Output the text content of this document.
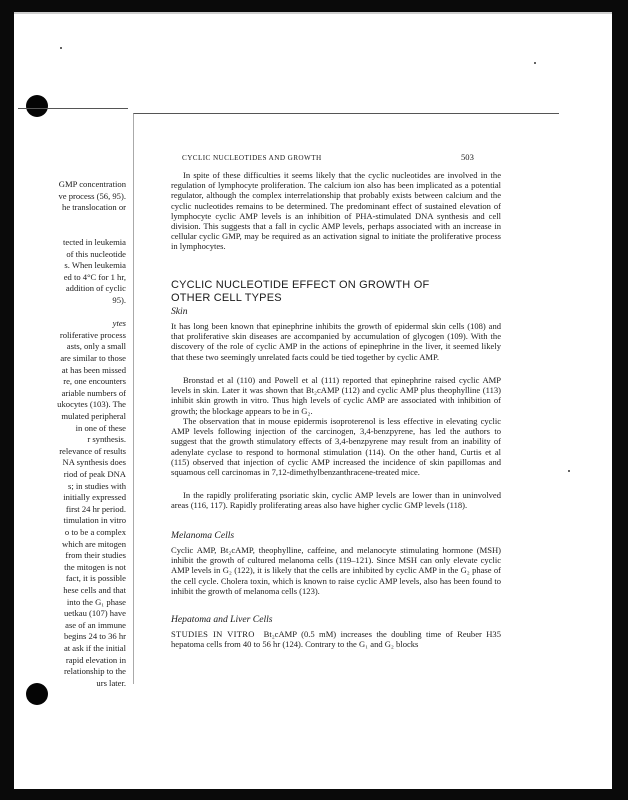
GMP concentration
ve process (56, 95).
he translocation or
tected in leukemia
of this nucleotide
s. When leukemia
ed to 4°C for 1 hr,
addition of cyclic
95).
ytes
roliferative process
asts, only a small
are similar to those
at has been missed
re, one encounters
ariable numbers of
ukocytes (103). The
mulated peripheral
in one of these
r synthesis.
relevance of results
NA synthesis does
riod of peak DNA
s; in studies with
initially expressed
first 24 hr period.
timulation in vitro
o to be a complex
which are mitogen
from their studies
the mitogen is not
fact, it is possible
hese cells and that
into the G₁ phase
uetkau (107) have
ase of an immune
begins 24 to 36 hr
at ask if the initial
rapid elevation in
relationship to the
urs later.
CYCLIC NUCLEOTIDES AND GROWTH	503

In spite of these difficulties it seems likely that the cyclic nucleotides are involved in the regulation of lymphocyte proliferation. The calcium ion also has been implicated as a potential regulator, although the complex interrelationship that probably exists between calcium and the cyclic nucleotides remains to be determined. The predominant effect of sustained elevation of lymphocyte cyclic AMP levels is an inhibition of PHA-stimulated DNA synthesis and cell division. This suggests that a fall in cyclic AMP levels, perhaps associated with an increase in cellular cyclic GMP, may be required as an activation signal to initiate the proliferative process in lymphocytes.

CYCLIC NUCLEOTIDE EFFECT ON GROWTH OF
OTHER CELL TYPES
Skin

It has long been known that epinephrine inhibits the growth of epidermal skin cells (108) and that proliferative skin diseases are accompanied by accumulation of glycogen (109). With the discovery of the role of cyclic AMP in the actions of epinephrine in the liver, it seemed likely that these two seemingly unrelated facts could be tied together by cyclic AMP.

Bronstad et al (110) and Powell et al (111) reported that epinephrine raised cyclic AMP levels in skin. Later it was shown that Bt₂cAMP (112) and cyclic AMP plus theophylline (113) inhibit skin growth in vitro. Thus high levels of cyclic AMP are associated with inhibition of growth; the blockage appears to be in G₂.

The observation that in mouse epidermis isoproterenol is less effective in elevating cyclic AMP levels following injection of the carcinogen, 3,4-benzpyrene, has led the authors to suggest that the growth stimulatory effects of 3,4-benzpyrene may result from an inability of adenylate cyclase to respond to hormonal stimulation (114). On the other hand, Curtis et al (115) observed that injection of cyclic AMP increased the incidence of skin papillomas and squamous cell carcinomas in 7,12-dimethylbenzanthracene-treated mice.

In the rapidly proliferating psoriatic skin, cyclic AMP levels are lower than in uninvolved areas (116, 117). Rapidly proliferating areas also have higher cyclic GMP levels (118).

Melanoma Cells

Cyclic AMP, Bt₂cAMP, theophylline, caffeine, and melanocyte stimulating hormone (MSH) inhibit the growth of cultured melanoma cells (119–121). Since MSH can only elevate cyclic AMP levels in G₂ (122), it is likely that the cells are inhibited by cyclic AMP in the G₂ phase of the cell cycle. Cholera toxin, which is known to raise cyclic AMP levels, also has been found to inhibit the growth of melanoma cells (123).

Hepatoma and Liver Cells

STUDIES IN VITRO Bt₂cAMP (0.5 mM) increases the doubling time of Reuber H35 hepatoma cells from 40 to 56 hr (124). Contrary to the G₁ and G₂ blocks
